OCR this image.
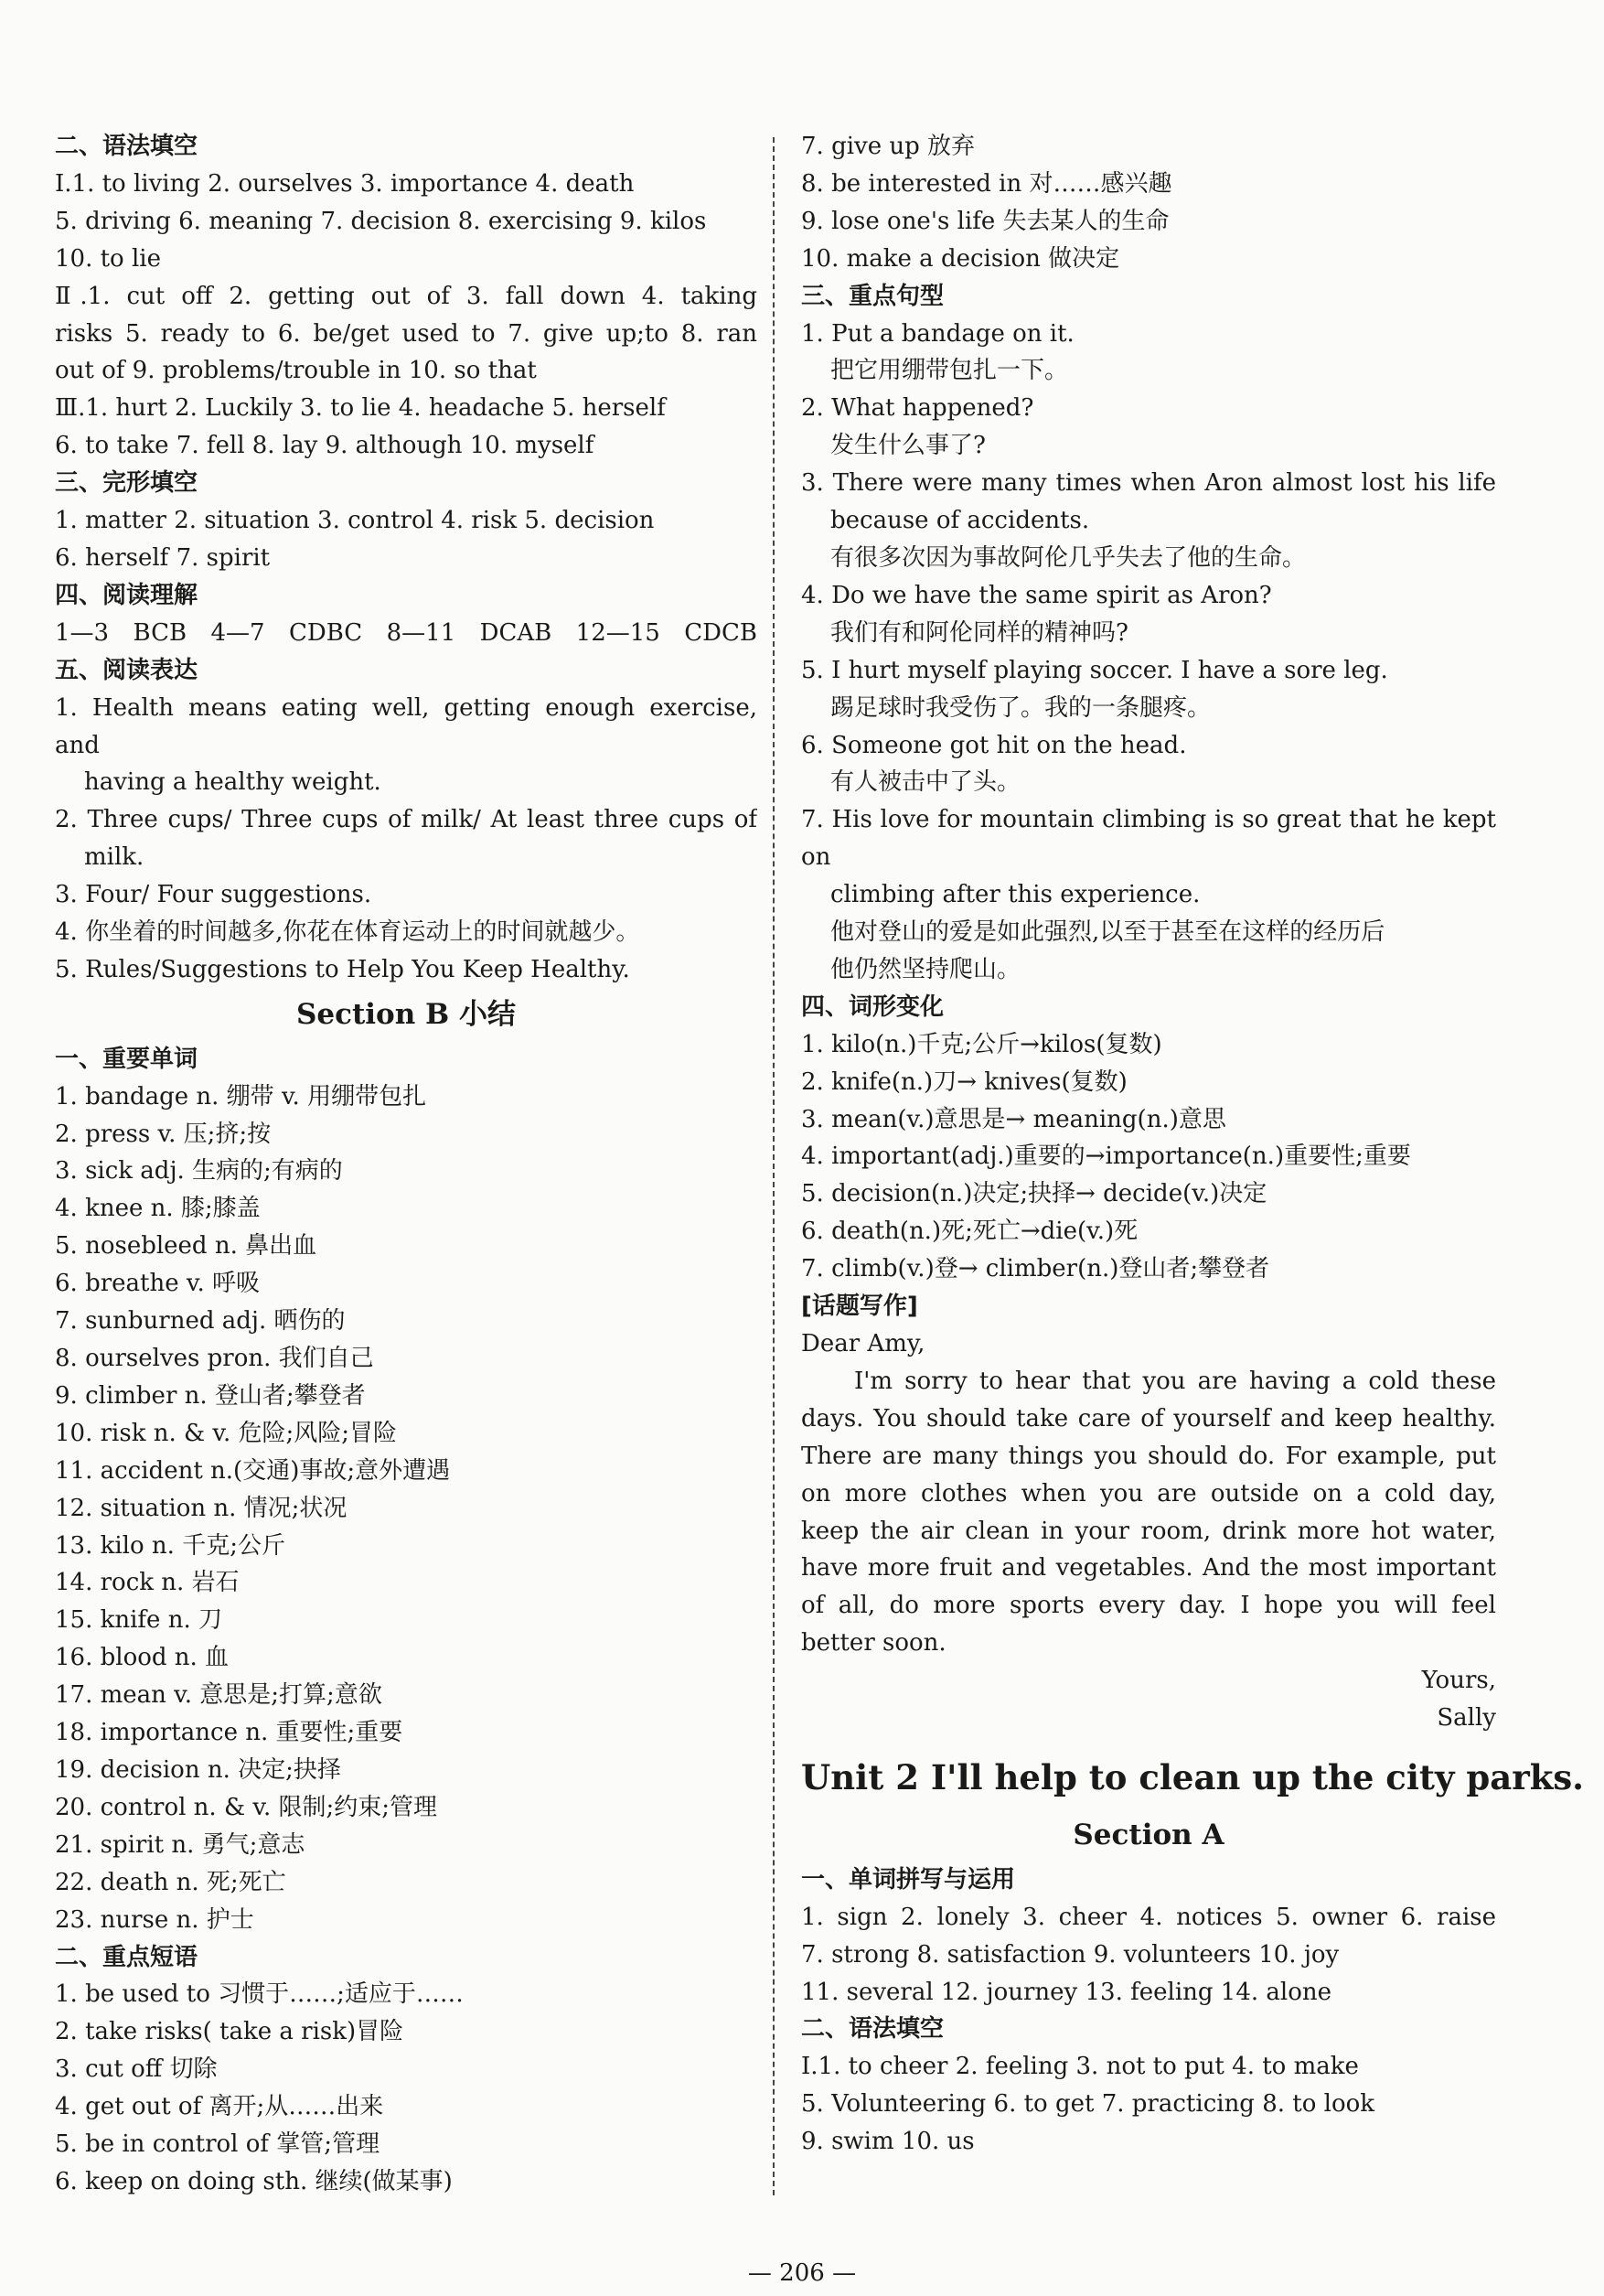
二、语法填空
Ⅰ.1. to living 2. ourselves 3. importance 4. death
5. driving 6. meaning 7. decision 8. exercising 9. kilos
10. to lie
Ⅱ.1. cut off 2. getting out of 3. fall down 4. taking
risks 5. ready to 6. be/get used to 7. give up;to 8. ran
out of 9. problems/trouble in 10. so that
Ⅲ.1. hurt 2. Luckily 3. to lie 4. headache 5. herself
6. to take 7. fell 8. lay 9. although 10. myself
三、完形填空
1. matter 2. situation 3. control 4. risk 5. decision
6. herself 7. spirit
四、阅读理解
1—3 BCB 4—7 CDBC 8—11 DCAB 12—15 CDCB
五、阅读表达
1. Health means eating well, getting enough exercise, and
having a healthy weight.
2. Three cups/ Three cups of milk/ At least three cups of
milk.
3. Four/ Four suggestions.
4. 你坐着的时间越多,你花在体育运动上的时间就越少。
5. Rules/Suggestions to Help You Keep Healthy.
Section B 小结
一、重要单词
1. bandage n. 绷带 v. 用绷带包扎
2. press v. 压;挤;按
3. sick adj. 生病的;有病的
4. knee n. 膝;膝盖
5. nosebleed n. 鼻出血
6. breathe v. 呼吸
7. sunburned adj. 晒伤的
8. ourselves pron. 我们自己
9. climber n. 登山者;攀登者
10. risk n. & v. 危险;风险;冒险
11. accident n.(交通)事故;意外遭遇
12. situation n. 情况;状况
13. kilo n. 千克;公斤
14. rock n. 岩石
15. knife n. 刀
16. blood n. 血
17. mean v. 意思是;打算;意欲
18. importance n. 重要性;重要
19. decision n. 决定;抉择
20. control n. & v. 限制;约束;管理
21. spirit n. 勇气;意志
22. death n. 死;死亡
23. nurse n. 护士
二、重点短语
1. be used to 习惯于……;适应于……
2. take risks( take a risk)冒险
3. cut off 切除
4. get out of 离开;从……出来
5. be in control of 掌管;管理
6. keep on doing sth. 继续(做某事)
7. give up 放弃
8. be interested in 对……感兴趣
9. lose one's life 失去某人的生命
10. make a decision 做决定
三、重点句型
1. Put a bandage on it.
把它用绷带包扎一下。
2. What happened?
发生什么事了?
3. There were many times when Aron almost lost his life
because of accidents.
有很多次因为事故阿伦几乎失去了他的生命。
4. Do we have the same spirit as Aron?
我们有和阿伦同样的精神吗?
5. I hurt myself playing soccer. I have a sore leg.
踢足球时我受伤了。我的一条腿疼。
6. Someone got hit on the head.
有人被击中了头。
7. His love for mountain climbing is so great that he kept on
climbing after this experience.
他对登山的爱是如此强烈,以至于甚至在这样的经历后
他仍然坚持爬山。
四、词形变化
1. kilo(n.)千克;公斤→kilos(复数)
2. knife(n.)刀→ knives(复数)
3. mean(v.)意思是→ meaning(n.)意思
4. important(adj.)重要的→importance(n.)重要性;重要
5. decision(n.)决定;抉择→ decide(v.)决定
6. death(n.)死;死亡→die(v.)死
7. climb(v.)登→ climber(n.)登山者;攀登者
[话题写作]
Dear Amy,
I'm sorry to hear that you are having a cold these days. You should take care of yourself and keep healthy. There are many things you should do. For example, put on more clothes when you are outside on a cold day, keep the air clean in your room, drink more hot water, have more fruit and vegetables. And the most important of all, do more sports every day. I hope you will feel better soon.
Yours,
Sally
Unit 2 I'll help to clean up the city parks.
Section A
一、单词拼写与运用
1. sign 2. lonely 3. cheer 4. notices 5. owner 6. raise
7. strong 8. satisfaction 9. volunteers 10. joy
11. several 12. journey 13. feeling 14. alone
二、语法填空
Ⅰ.1. to cheer 2. feeling 3. not to put 4. to make
5. Volunteering 6. to get 7. practicing 8. to look
9. swim 10. us
— 206 —
